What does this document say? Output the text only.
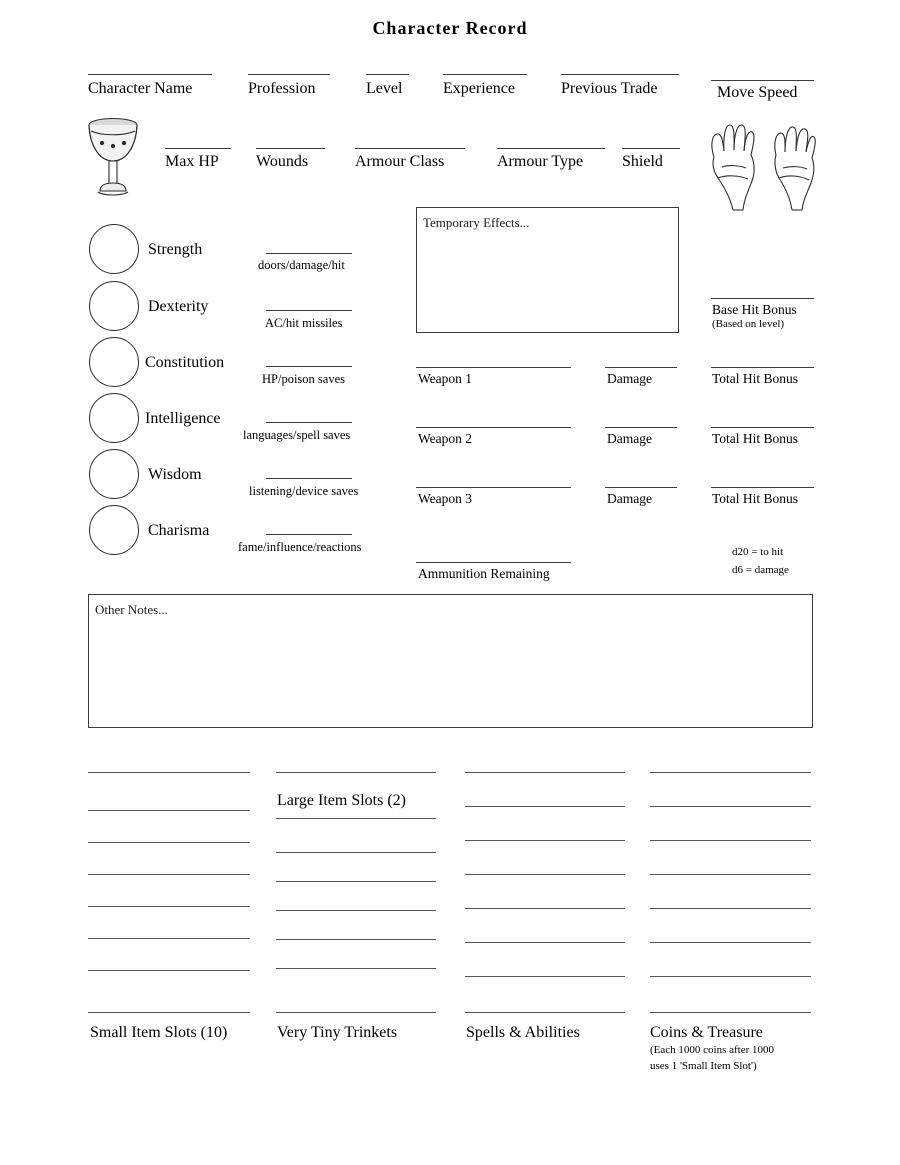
Character Record
Character Name	Profession	Level	Experience	Previous Trade	Move Speed
Max HP Wounds	Armour Class	Armour Type Shield
Strength
doors/damage/hit
Dexterity
AC/hit missiles
Constitution
HP/poison saves
Intelligence
languages/spell saves
Wisdom
listening/device saves
Charisma
fame/influence/reactions
Temporary Effects...
Weapon 1	Damage	Total Hit Bonus
Weapon 2	Damage	Total Hit Bonus
Weapon 3	Damage	Total Hit Bonus
Ammunition Remaining
Base Hit Bonus
(Based on level)
d20 = to hit
d6 = damage
Other Notes...
Small Item Slots (10)
Large Item Slots (2)
Very Tiny Trinkets	Spells & Abilities	Coins & Treasure
(Each 1000 coins after 1000
uses 1 'Small Item Slot')
